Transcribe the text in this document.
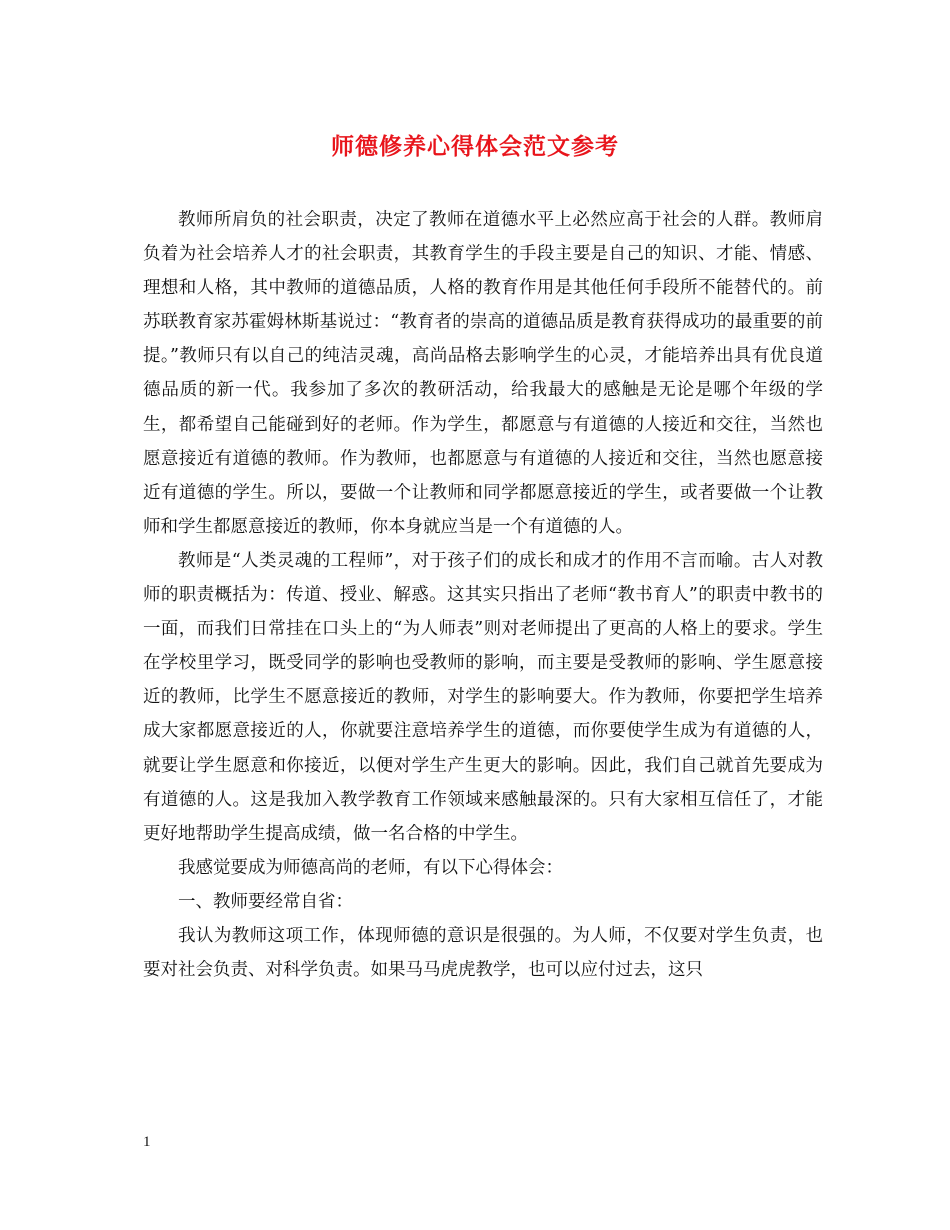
师德修养心得体会范文参考

教师所肩负的社会职责，决定了教师在道德水平上必然应高于社会的人群。教师肩负着为社会培养人才的社会职责，其教育学生的手段主要是自己的知识、才能、情感、理想和人格，其中教师的道德品质，人格的教育作用是其他任何手段所不能替代的。前苏联教育家苏霍姆林斯基说过：“教育者的崇高的道德品质是教育获得成功的最重要的前提。”教师只有以自己的纯洁灵魂，高尚品格去影响学生的心灵，才能培养出具有优良道德品质的新一代。我参加了多次的教研活动，给我最大的感触是无论是哪个年级的学生，都希望自己能碰到好的老师。作为学生，都愿意与有道德的人接近和交往，当然也愿意接近有道德的教师。作为教师，也都愿意与有道德的人接近和交往，当然也愿意接近有道德的学生。所以，要做一个让教师和同学都愿意接近的学生，或者要做一个让教师和学生都愿意接近的教师，你本身就应当是一个有道德的人。

教师是“人类灵魂的工程师”，对于孩子们的成长和成才的作用不言而喻。古人对教师的职责概括为：传道、授业、解惑。这其实只指出了老师“教书育人”的职责中教书的一面，而我们日常挂在口头上的“为人师表”则对老师提出了更高的人格上的要求。学生在学校里学习，既受同学的影响也受教师的影响，而主要是受教师的影响、学生愿意接近的教师，比学生不愿意接近的教师，对学生的影响要大。作为教师，你要把学生培养成大家都愿意接近的人，你就要注意培养学生的道德，而你要使学生成为有道德的人，就要让学生愿意和你接近，以便对学生产生更大的影响。因此，我们自己就首先要成为有道德的人。这是我加入教学教育工作领域来感触最深的。只有大家相互信任了，才能更好地帮助学生提高成绩，做一名合格的中学生。

我感觉要成为师德高尚的老师，有以下心得体会：

一、教师要经常自省：

我认为教师这项工作，体现师德的意识是很强的。为人师，不仅要对学生负责，也要对社会负责、对科学负责。如果马马虎虎教学，也可以应付过去，这只

1
